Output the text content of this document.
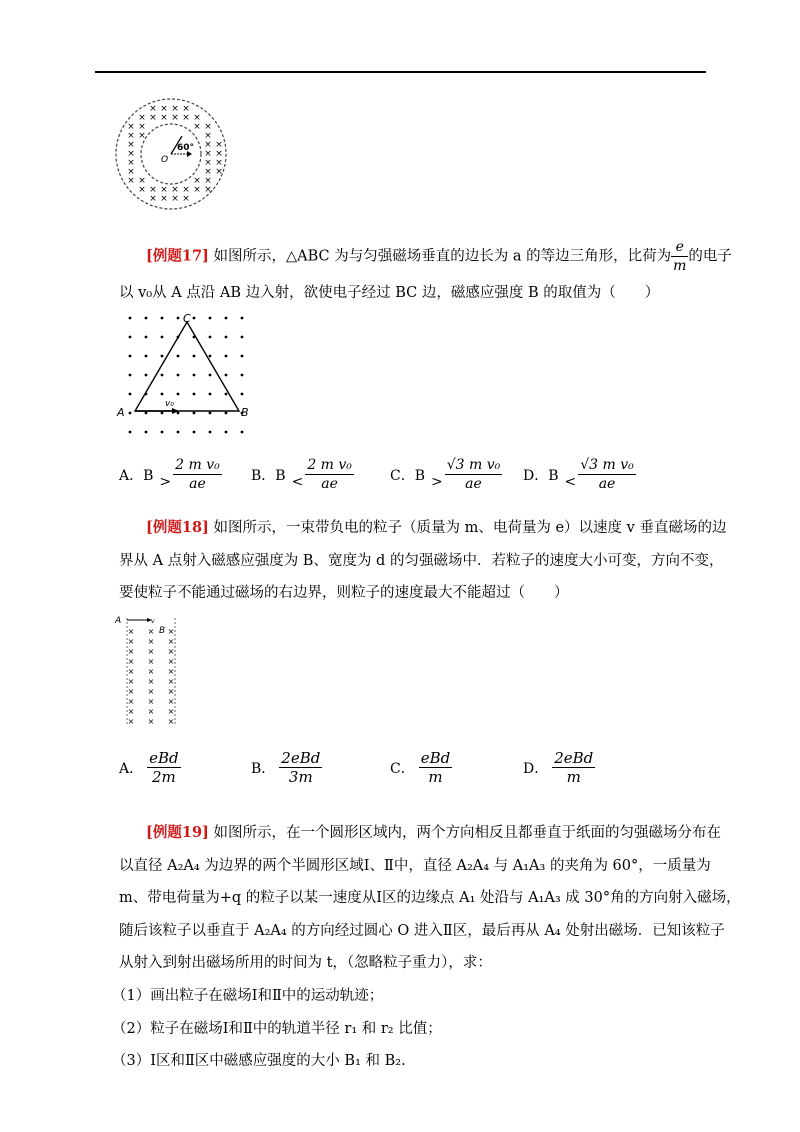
× × × ×
× × × × × ×
× ×	× ×
× ×	×
×	× ×
×	× ×
×	× ×
×	× ×
× ×	× ×
× × × × × × ×
× × × ×
60°
O
[例题17] 如图所示，△ABC 为与匀强磁场垂直的边长为 a 的等边三角形，比荷为 $\frac{e}{m}$ 的电子
以 v₀从 A 点沿 AB 边入射，欲使电子经过 BC 边，磁感应强度 B 的取值为（　　）
A	B
C
v₀
A．$B > \frac{\text{2 m v₀}}{ae}$ B．$B < \frac{\text{2 m v₀}}{ae}$	C．$B > \frac{\text{√3 m v₀}}{ae}$ D．$B < \frac{\text{√3 m v₀}}{ae}$
[例题18] 如图所示，一束带负电的粒子（质量为 m、电荷量为 e）以速度 v 垂直磁场的边
界从 A 点射入磁感应强度为 B、宽度为 d 的匀强磁场中．若粒子的速度大小可变，方向不变，
要使粒子不能通过磁场的右边界，则粒子的速度最大不能超过（　　）
× × ×
× × ×
× × ×
× × ×
× × ×
× × ×
× × ×
× × ×
× × ×
× × ×
A
B
v
A． $\frac{\text{eBd}}{2m}$	B． $\frac{\text{2eBd}}{3m}$	C． $\frac{\text{eBd}}{m}$	D． $\frac{\text{2eBd}}{m}$
[例题19] 如图所示，在一个圆形区域内，两个方向相反且都垂直于纸面的匀强磁场分布在
以直径 A₂A₄ 为边界的两个半圆形区域Ⅰ、Ⅱ中，直径 A₂A₄ 与 A₁A₃ 的夹角为 60°，一质量为
m、带电荷量为+q 的粒子以某一速度从Ⅰ区的边缘点 A₁ 处沿与 A₁A₃ 成 30°角的方向射入磁场，
随后该粒子以垂直于 A₂A₄ 的方向经过圆心 O 进入Ⅱ区，最后再从 A₄ 处射出磁场．已知该粒子
从射入到射出磁场所用的时间为 t，（忽略粒子重力），求：
（1）画出粒子在磁场Ⅰ和Ⅱ中的运动轨迹；
（2）粒子在磁场Ⅰ和Ⅱ中的轨道半径 r₁ 和 r₂ 比值；
（3）Ⅰ区和Ⅱ区中磁感应强度的大小 B₁ 和 B₂.
